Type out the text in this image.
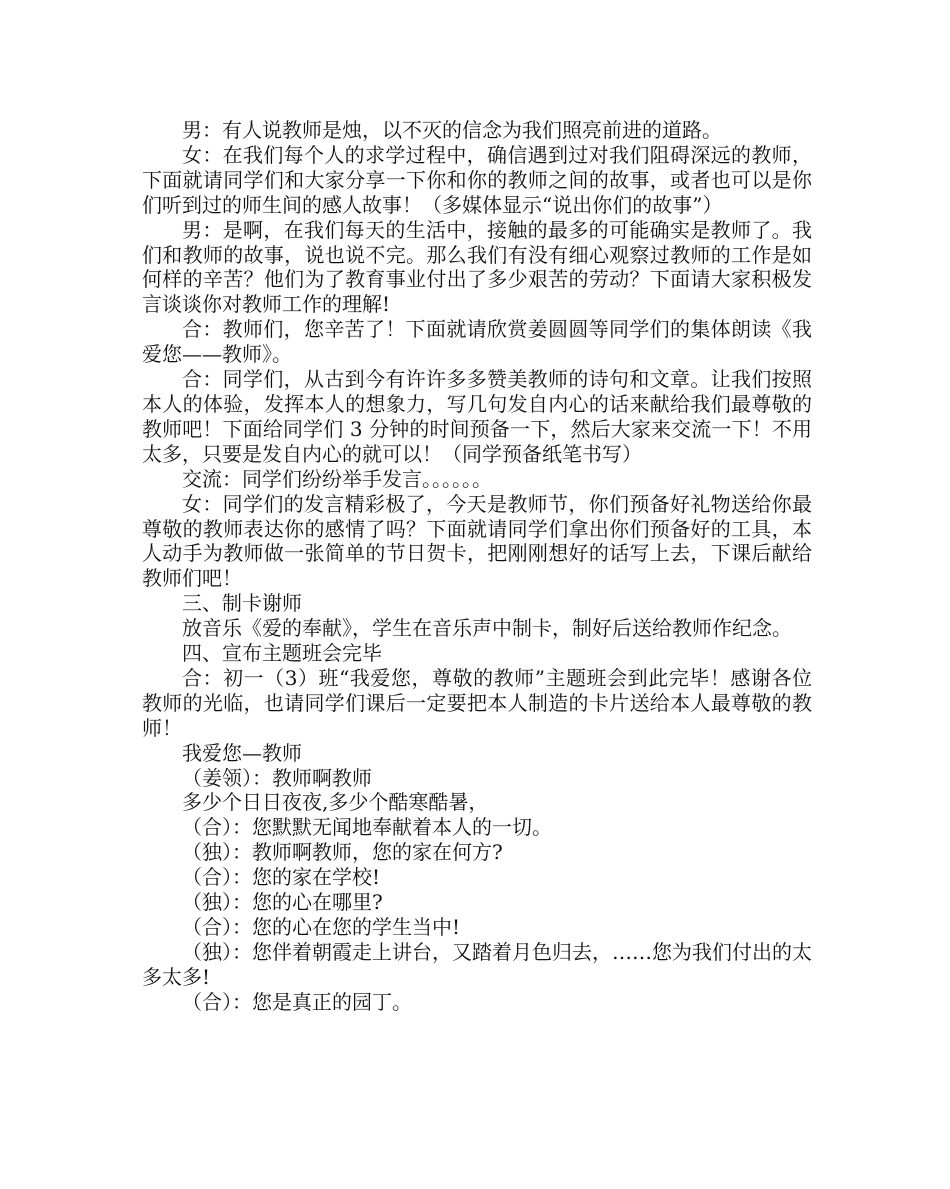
男：有人说教师是烛，以不灭的信念为我们照亮前进的道路。

女：在我们每个人的求学过程中，确信遇到过对我们阻碍深远的教师，下面就请同学们和大家分享一下你和你的教师之间的故事，或者也可以是你们听到过的师生间的感人故事！（多媒体显示“说出你们的故事”）

男：是啊，在我们每天的生活中，接触的最多的可能确实是教师了。我们和教师的故事，说也说不完。那么我们有没有细心观察过教师的工作是如何样的辛苦？他们为了教育事业付出了多少艰苦的劳动？下面请大家积极发言谈谈你对教师工作的理解!

合：教师们，您辛苦了！下面就请欣赏姜圆圆等同学们的集体朗读《我爱您——教师》。

合：同学们，从古到今有许许多多赞美教师的诗句和文章。让我们按照本人的体验，发挥本人的想象力，写几句发自内心的话来献给我们最尊敬的教师吧！下面给同学们 3 分钟的时间预备一下，然后大家来交流一下！不用太多，只要是发自内心的就可以！（同学预备纸笔书写）

交流：同学们纷纷举手发言。。。。。。

女：同学们的发言精彩极了，今天是教师节，你们预备好礼物送给你最尊敬的教师表达你的感情了吗？下面就请同学们拿出你们预备好的工具，本人动手为教师做一张简单的节日贺卡，把刚刚想好的话写上去，下课后献给教师们吧！

三、制卡谢师

放音乐《爱的奉献》，学生在音乐声中制卡，制好后送给教师作纪念。

四、宣布主题班会完毕

合：初一（3）班“我爱您，尊敬的教师”主题班会到此完毕！感谢各位教师的光临，也请同学们课后一定要把本人制造的卡片送给本人最尊敬的教师！

我爱您—教师

（姜领）：教师啊教师

多少个日日夜夜,多少个酷寒酷暑，

（合）：您默默无闻地奉献着本人的一切。

（独）：教师啊教师，您的家在何方?

（合）：您的家在学校!

（独）：您的心在哪里?

（合）：您的心在您的学生当中!

（独）：您伴着朝霞走上讲台，又踏着月色归去，……您为我们付出的太多太多!

（合）：您是真正的园丁。
